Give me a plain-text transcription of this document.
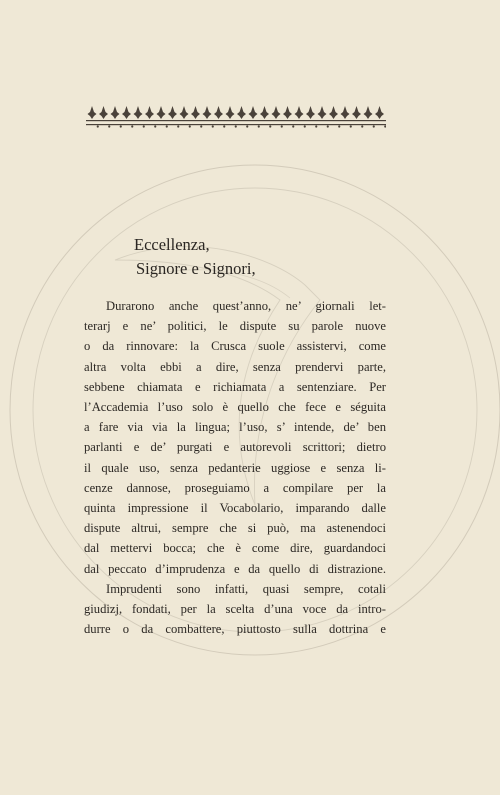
Eccellenza,
Signore e Signori,
Durarono anche quest’anno, ne’ giornali let-
terarj e ne’ politici, le dispute su parole nuove
o da rinnovare: la Crusca suole assistervi, come
altra volta ebbi a dire, senza prendervi parte,
sebbene chiamata e richiamata a sentenziare. Per
l’Accademia l’uso solo è quello che fece e séguita
a fare via via la lingua; l’uso, s’ intende, de’ ben
parlanti e de’ purgati e autorevoli scrittori; dietro
il quale uso, senza pedanterie uggiose e senza li-
cenze dannose, proseguiamo a compilare per la
quinta impressione il Vocabolario, imparando dalle
dispute altrui, sempre che si può, ma astenendoci
dal mettervi bocca; che è come dire, guardandoci
dal peccato d’imprudenza e da quello di distrazione.
Imprudenti sono infatti, quasi sempre, cotali
giudizj, fondati, per la scelta d’una voce da intro-
durre o da combattere, piuttosto sulla dottrina e
